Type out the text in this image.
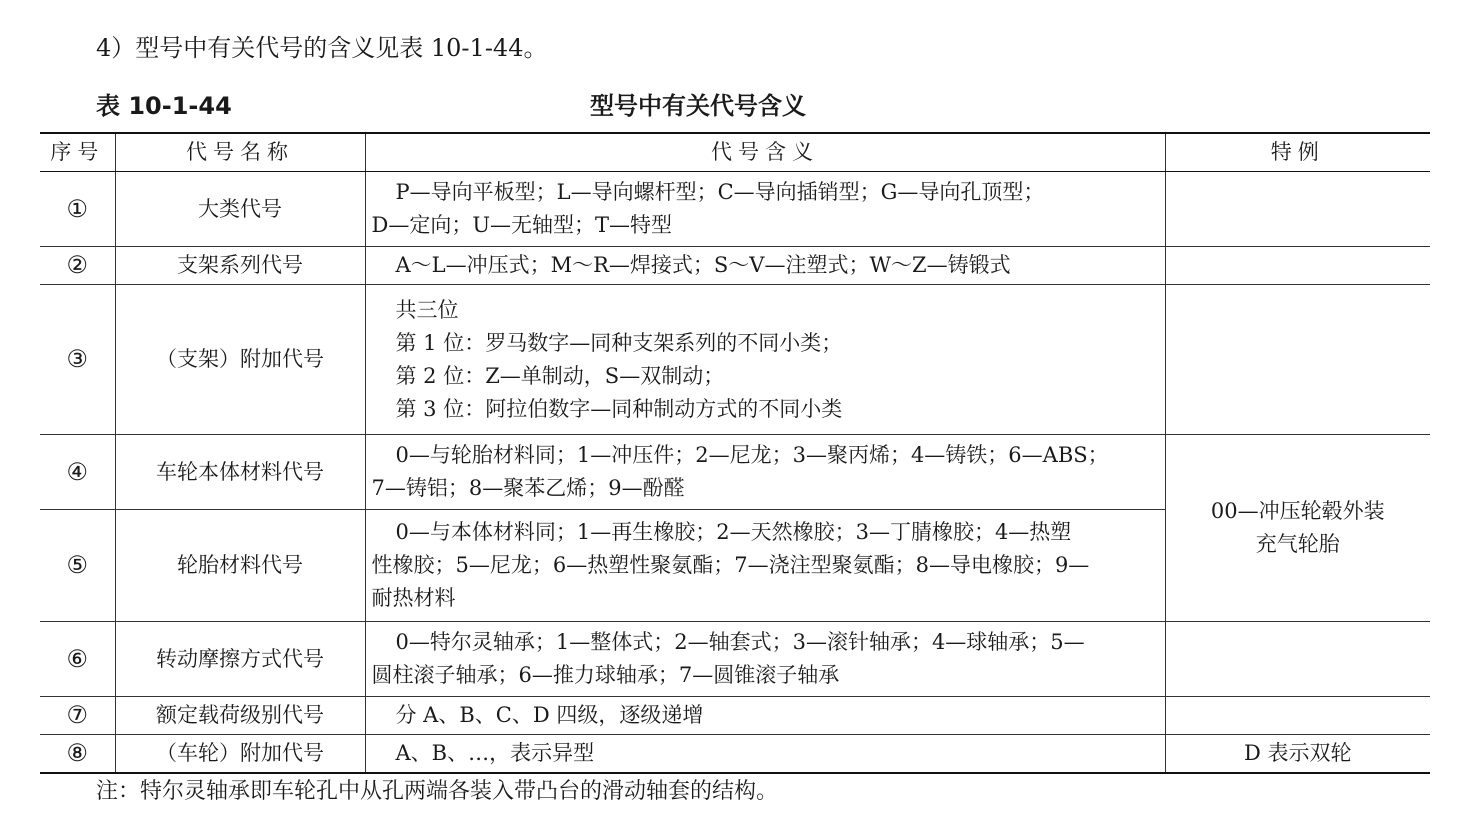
4）型号中有关代号的含义见表 10-1-44。
表 10-1-44	型号中有关代号含义
序号	代号名称	代号含义	特例
①	大类代号	P—导向平板型；L—导向螺杆型；C—导向插销型；G—导向孔顶型；
D—定向；U—无轴型；T—特型	

②	支架系列代号	A～L—冲压式；M～R—焊接式；S～V—注塑式；W～Z—铸锻式	

③	（支架）附加代号	共三位
第 1 位：罗马数字—同种支架系列的不同小类；
第 2 位：Z—单制动，S—双制动；
第 3 位：阿拉伯数字—同种制动方式的不同小类	

④	车轮本体材料代号	0—与轮胎材料同；1—冲压件；2—尼龙；3—聚丙烯；4—铸铁；6—ABS；
7—铸铝；8—聚苯乙烯；9—酚醛	00—冲压轮毂外装
充气轮胎

⑤	轮胎材料代号	0—与本体材料同；1—再生橡胶；2—天然橡胶；3—丁腈橡胶；4—热塑
性橡胶；5—尼龙；6—热塑性聚氨酯；7—浇注型聚氨酯；8—导电橡胶；9—
耐热材料	

⑥	转动摩擦方式代号	0—特尔灵轴承；1—整体式；2—轴套式；3—滚针轴承；4—球轴承；5—
圆柱滚子轴承；6—推力球轴承；7—圆锥滚子轴承	

⑦	额定载荷级别代号	分 A、B、C、D 四级，逐级递增	

⑧	（车轮）附加代号	A、B、…，表示异型	D 表示双轮
注：特尔灵轴承即车轮孔中从孔两端各装入带凸台的滑动轴套的结构。
